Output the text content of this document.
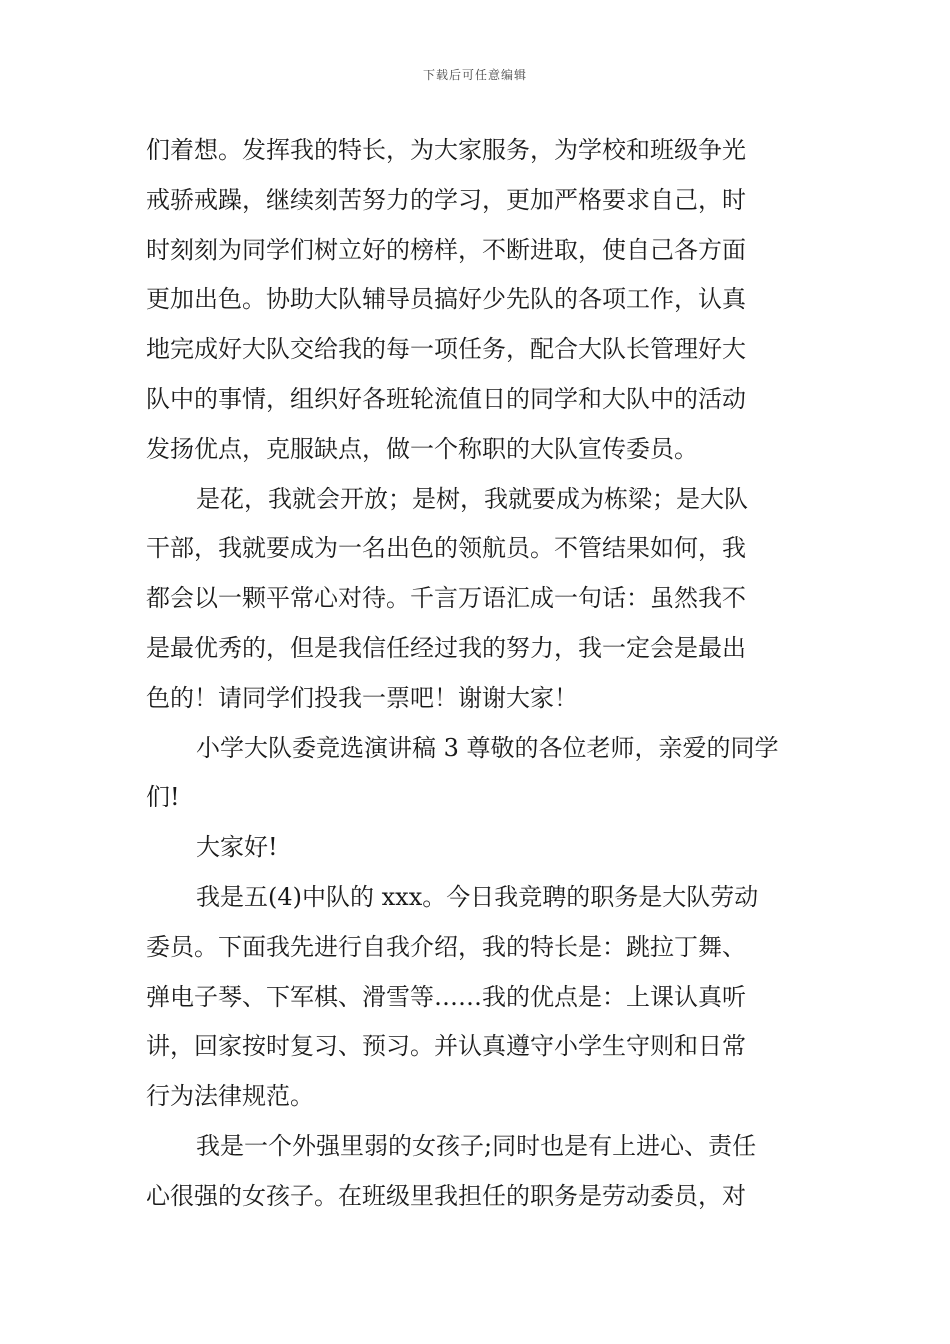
下载后可任意编辑
们着想。发挥我的特长，为大家服务，为学校和班级争光
戒骄戒躁，继续刻苦努力的学习，更加严格要求自己，时
时刻刻为同学们树立好的榜样，不断进取，使自己各方面
更加出色。协助大队辅导员搞好少先队的各项工作，认真
地完成好大队交给我的每一项任务，配合大队长管理好大
队中的事情，组织好各班轮流值日的同学和大队中的活动
发扬优点，克服缺点，做一个称职的大队宣传委员。
是花，我就会开放；是树，我就要成为栋梁；是大队
干部，我就要成为一名出色的领航员。不管结果如何，我
都会以一颗平常心对待。千言万语汇成一句话：虽然我不
是最优秀的，但是我信任经过我的努力，我一定会是最出
色的！请同学们投我一票吧！谢谢大家！
小学大队委竞选演讲稿 3 尊敬的各位老师，亲爱的同学
们!
大家好!
我是五(4)中队的 xxx。今日我竞聘的职务是大队劳动
委员。下面我先进行自我介绍，我的特长是：跳拉丁舞、
弹电子琴、下军棋、滑雪等……我的优点是：上课认真听
讲，回家按时复习、预习。并认真遵守小学生守则和日常
行为法律规范。
我是一个外强里弱的女孩子;同时也是有上进心、责任
心很强的女孩子。在班级里我担任的职务是劳动委员，对
